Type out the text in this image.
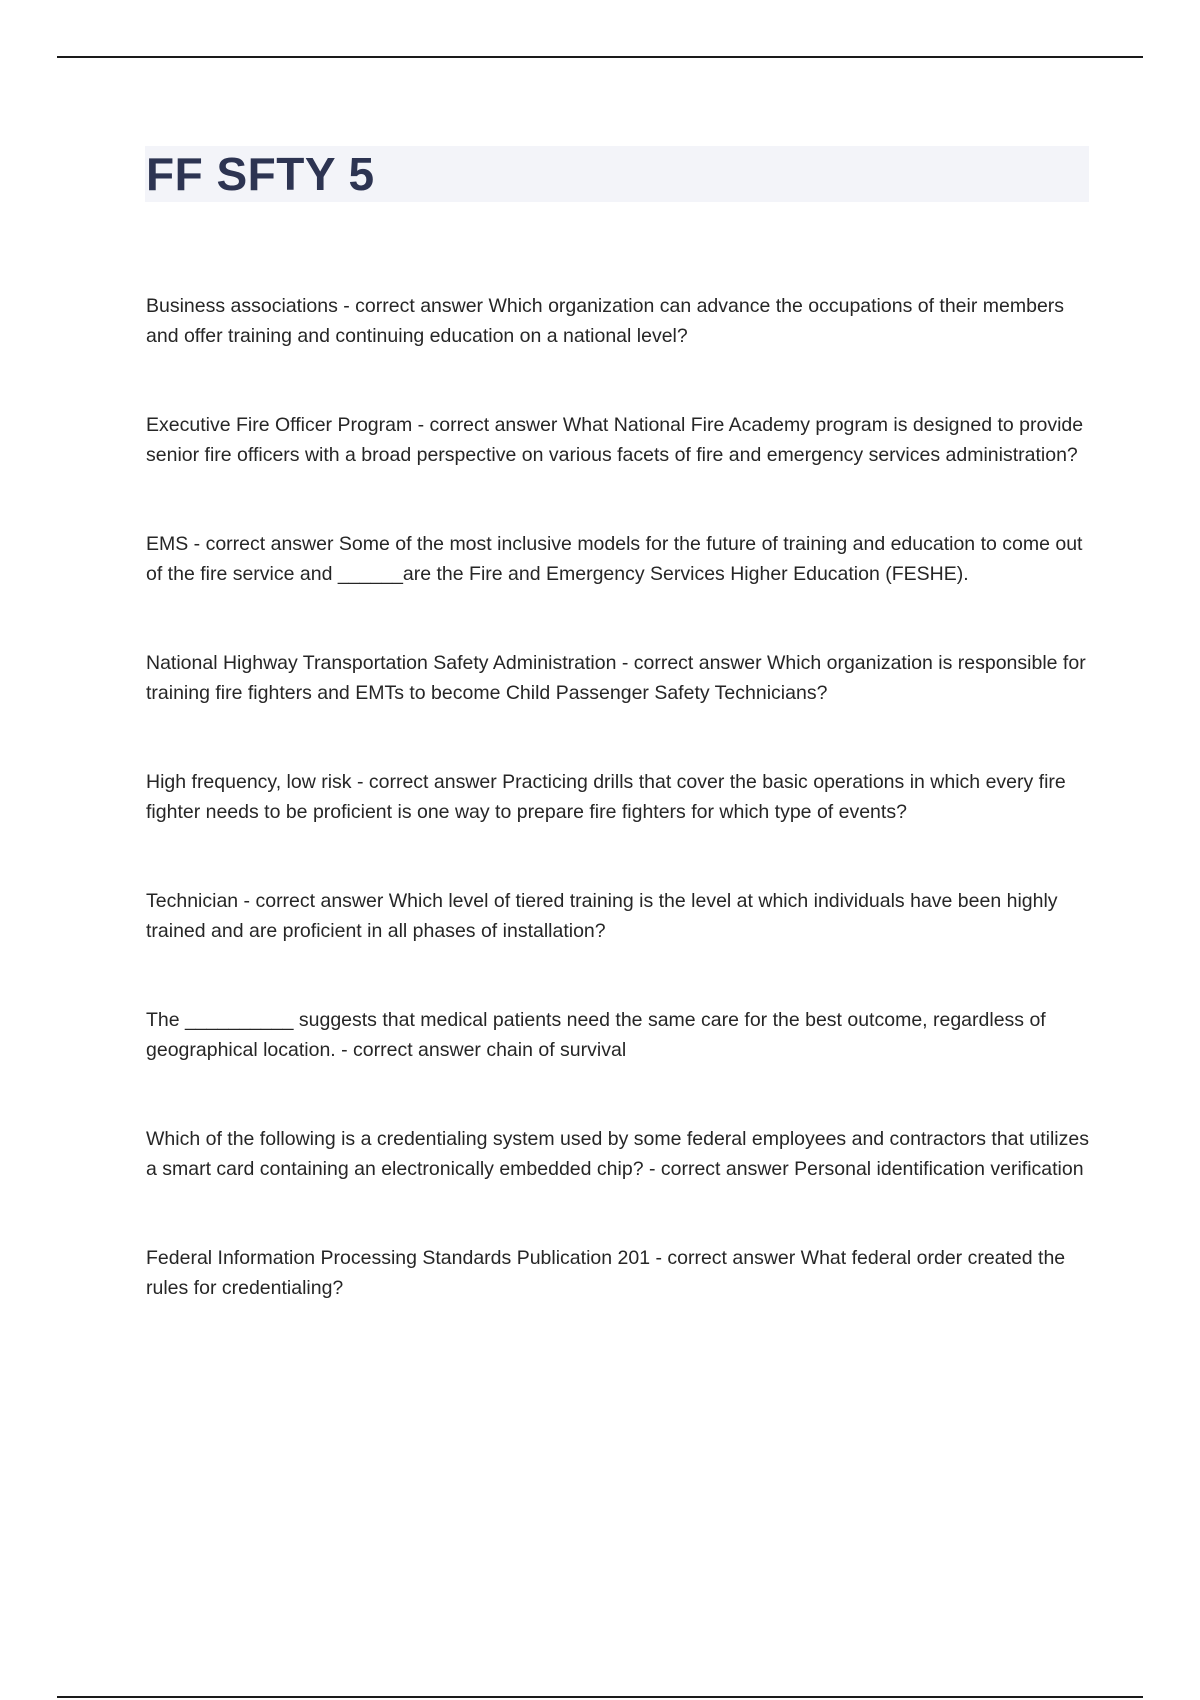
FF SFTY 5

Business associations - correct answer Which organization can advance the occupations of their members and offer training and continuing education on a national level?

Executive Fire Officer Program - correct answer What National Fire Academy program is designed to provide senior fire officers with a broad perspective on various facets of fire and emergency services administration?

EMS - correct answer Some of the most inclusive models for the future of training and education to come out of the fire service and ______are the Fire and Emergency Services Higher Education (FESHE).

National Highway Transportation Safety Administration - correct answer Which organization is responsible for training fire fighters and EMTs to become Child Passenger Safety Technicians?

High frequency, low risk - correct answer Practicing drills that cover the basic operations in which every fire fighter needs to be proficient is one way to prepare fire fighters for which type of events?

Technician - correct answer Which level of tiered training is the level at which individuals have been highly trained and are proficient in all phases of installation?

The __________ suggests that medical patients need the same care for the best outcome, regardless of geographical location. - correct answer chain of survival

Which of the following is a credentialing system used by some federal employees and contractors that utilizes a smart card containing an electronically embedded chip? - correct answer Personal identification verification

Federal Information Processing Standards Publication 201 - correct answer What federal order created the rules for credentialing?
